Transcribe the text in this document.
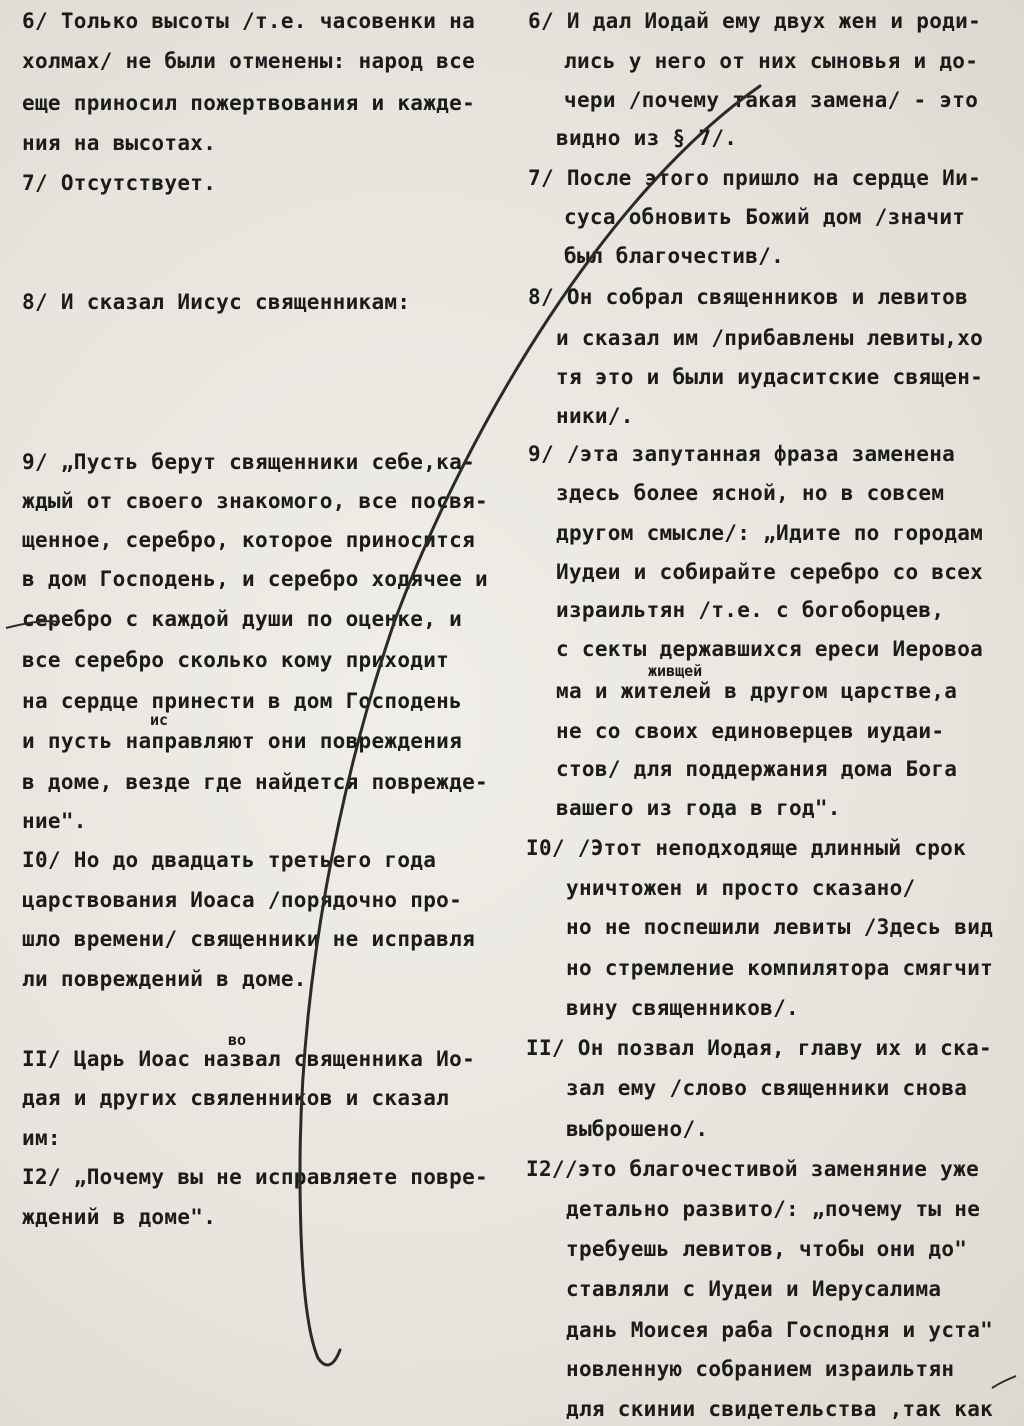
6/ Только высоты /т.е. часовенки на
холмах/ не были отменены: народ все
еще приносил пожертвования и кажде-
ния на высотах.
7/ Отсутствует.
8/ И сказал Иисус священникам:
9/ „Пусть берут священники себе,ка-
ждый от своего знакомого, все посвя-
щенное, серебро, которое приносится
в дом Господень, и серебро ходячее и
серебро с каждой души по оценке, и
все серебро сколько кому приходит
на сердце принести в дом Господень
ис
и пусть направляют они повреждения
в доме, везде где найдется поврежде-
ние".
I0/ Но до двадцать третьего года
царствования Иоаса /порядочно про-
шло времени/ священники не исправля
ли повреждений в доме.
во
II/ Царь Иоас назвал священника Ио-
дая и других свяленников и сказал
им:
I2/ „Почему вы не исправляете повре-
ждений в доме".
6/ И дал Иодай ему двух жен и роди-
лись у него от них сыновья и до-
чери /почему такая замена/ - это
видно из § 7/.
7/ После этого пришло на сердце Ии-
суса обновить Божий дом /значит
был благочестив/.
8/ Он собрал священников и левитов
и сказал им /прибавлены левиты,хо
тя это и были иудаситские священ-
ники/.
9/ /эта запутанная фраза заменена
здесь более ясной, но в совсем
другом смысле/: „Идите по городам
Иудеи и собирайте серебро со всех
израильтян /т.е. с богоборцев,
с секты державшихся ереси Иеровоа
живщей
ма и жителей в другом царстве,а
не со своих единоверцев иудаи-
стов/ для поддержания дома Бога
вашего из года в год".
I0/ /Этот неподходяще длинный срок
уничтожен и просто сказано/
но не поспешили левиты /Здесь вид
но стремление компилятора смягчит
вину священников/.
II/ Он позвал Иодая, главу их и ска-
зал ему /слово священники снова
выброшено/.
I2//это благочестивой заменяние уже
детально развито/: „почему ты не
требуешь левитов, чтобы они до"
ставляли с Иудеи и Иерусалима
дань Моисея раба Господня и уста"
новленную собранием израильтян
для скинии свидетельства ,так как
